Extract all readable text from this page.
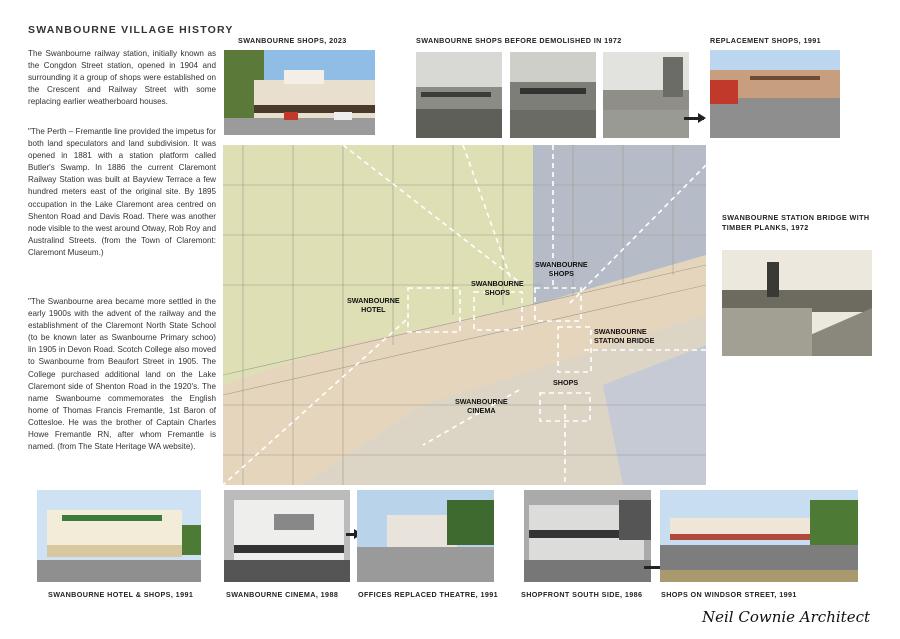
SWANBOURNE VILLAGE HISTORY
The Swanbourne railway station, initially known as the Congdon Street station, opened in 1904 and surrounding it a group of shops were established on the Crescent and Railway Street with some replacing earlier weatherboard houses.
"The Perth – Fremantle line provided the impetus for both land speculators and land subdivision. It was opened in 1881 with a station platform called Butler's Swamp. In 1886 the current Claremont Railway Station was built at Bayview Terrace a few hundred meters east of the original site. By 1895 occupation in the Lake Claremont area centred on Shenton Road and Davis Road. There was another node visible to the west around Otway, Rob Roy and Australind Streets. (from the Town of Claremont: Claremont Museum.)
"The Swanbourne area became more settled in the early 1900s with the advent of the railway and the establishment of the Claremont North State School (to be known later as Swanbourne Primary schoo) lin 1905 in Devon Road. Scotch College also moved to Swanbourne from Beaufort Street in 1905. The College purchased additional land on the Lake Claremont side of Shenton Road in the 1920's. The name Swanbourne commemorates the English home of Thomas Francis Fremantle, 1st Baron of Cottesloe. He was the brother of Captain Charles Howe Fremantle RN, after whom Fremantle is named. (from The State Heritage WA website).
SWANBOURNE SHOPS, 2023	SWANBOURNE SHOPS BEFORE DEMOLISHED IN 1972	REPLACEMENT SHOPS, 1991
SWANBOURNE
HOTEL
SWANBOURNE
SHOPS
SWANBOURNE
SHOPS
SWANBOURNE
STATION BRIDGE
SHOPS
SWANBOURNE
CINEMA
SWANBOURNE STATION BRIDGE WITH TIMBER PLANKS, 1972
SWANBOURNE HOTEL & SHOPS, 1991	SWANBOURNE CINEMA, 1988	OFFICES REPLACED THEATRE, 1991	SHOPFRONT SOUTH SIDE, 1986	SHOPS ON WINDSOR STREET, 1991
Neil Cownie Architect
